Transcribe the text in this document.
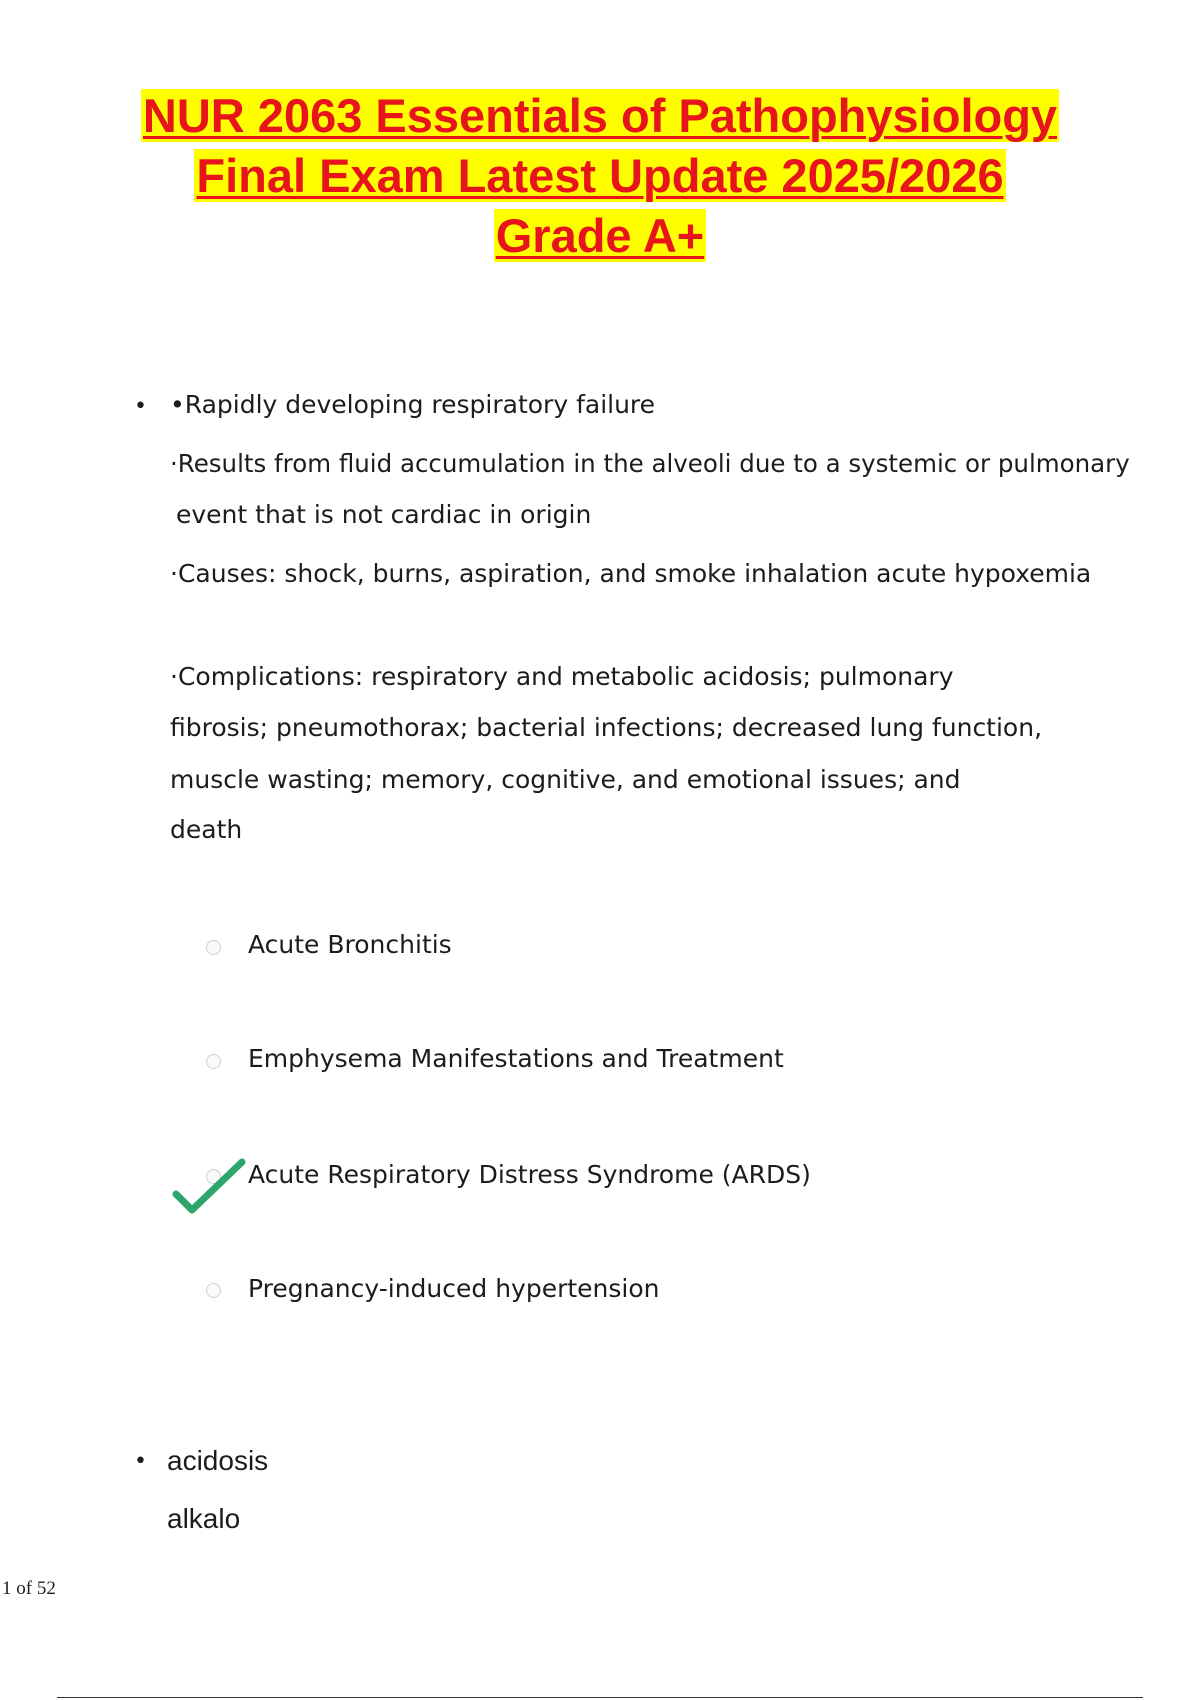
NUR 2063 Essentials of Pathophysiology
Final Exam Latest Update 2025/2026
Grade A+
• •Rapidly developing respiratory failure
·Results from fluid accumulation in the alveoli due to a systemic or pulmonary
event that is not cardiac in origin
·Causes: shock, burns, aspiration, and smoke inhalation acute hypoxemia
·Complications: respiratory and metabolic acidosis; pulmonary
fibrosis; pneumothorax; bacterial infections; decreased lung function,
muscle wasting; memory, cognitive, and emotional issues; and
death
Acute Bronchitis
Emphysema Manifestations and Treatment
Acute Respiratory Distress Syndrome (ARDS)
Pregnancy-induced hypertension
• acidosis
alkalo
1 of 52
